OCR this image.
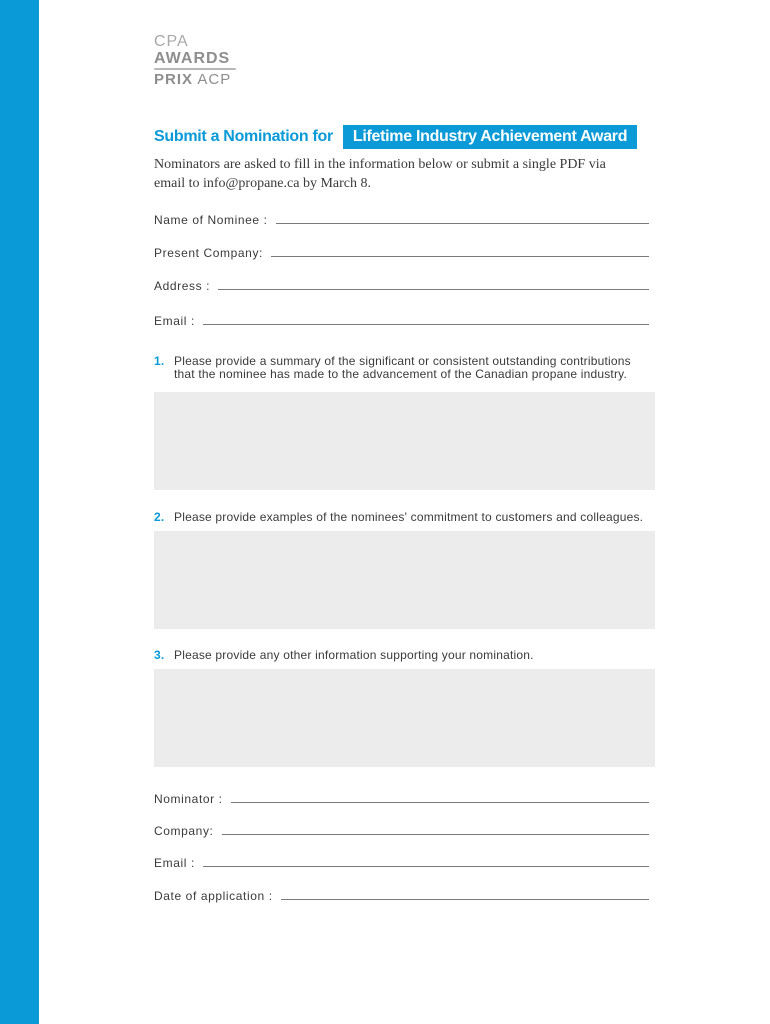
CPA
AWARDS
PRIX ACP
Submit a Nomination for	Lifetime Industry Achievement Award
Nominators are asked to fill in the information below or submit a single PDF via
email to info@propane.ca by March 8.
Name of Nominee :
Present Company:
Address :
Email :
1. Please provide a summary of the significant or consistent outstanding contributions
that the nominee has made to the advancement of the Canadian propane industry.
2. Please provide examples of the nominees' commitment to customers and colleagues.
3. Please provide any other information supporting your nomination.
Nominator :
Company:
Email :
Date of application :
